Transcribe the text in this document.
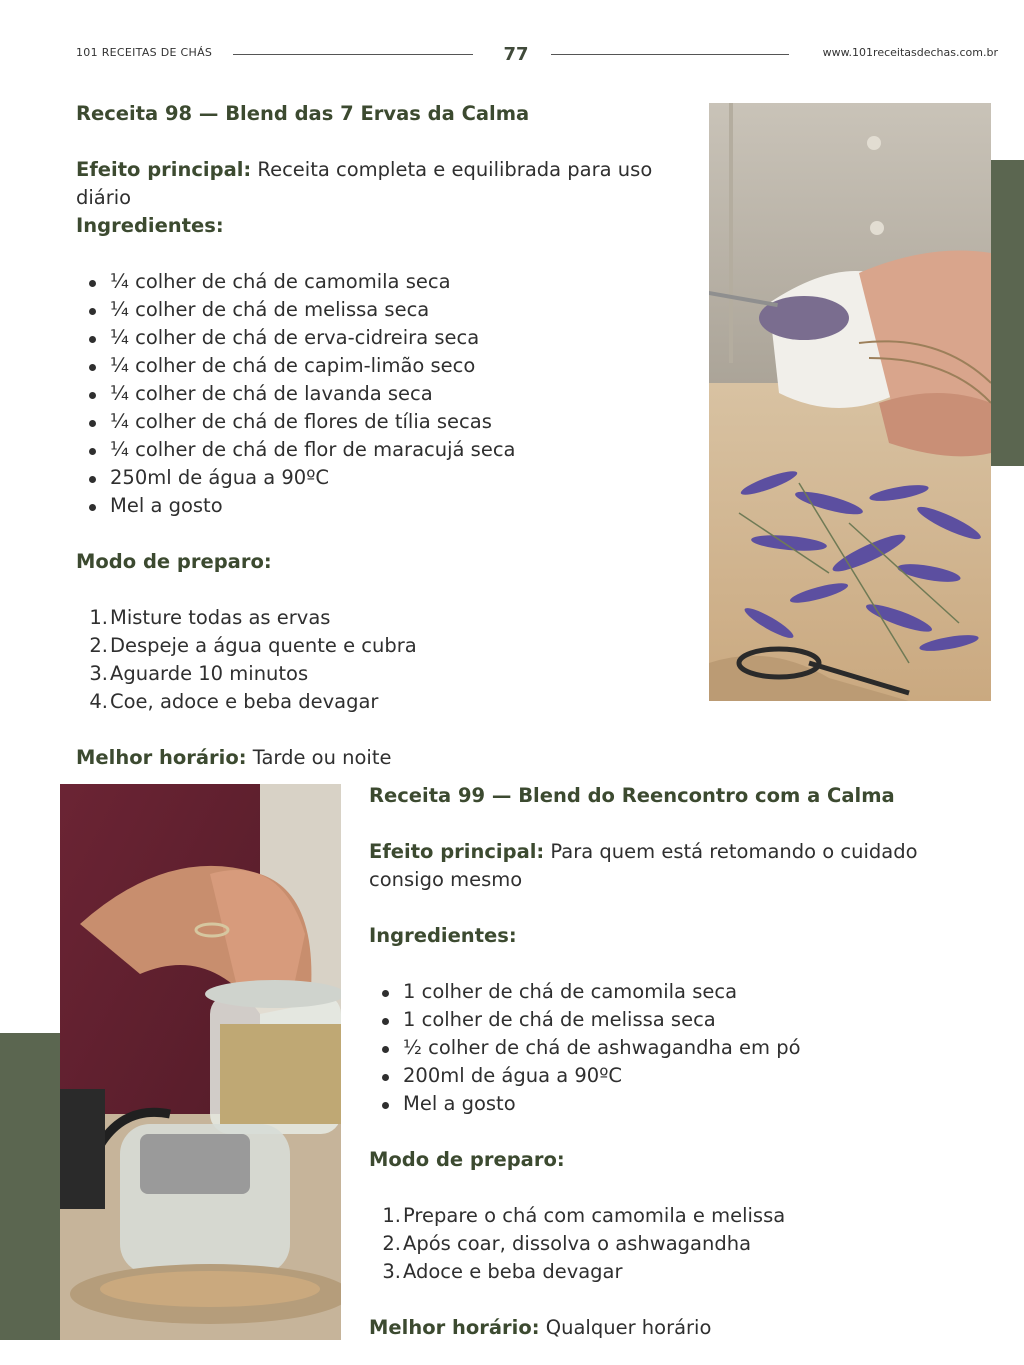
101 RECEITAS DE CHÁS	77	www.101receitasdechas.com.br

Receita 98 — Blend das 7 Ervas da Calma

Efeito principal: Receita completa e equilibrada para uso diário

Ingredientes:

¼ colher de chá de camomila seca
¼ colher de chá de melissa seca
¼ colher de chá de erva-cidreira seca
¼ colher de chá de capim-limão seco
¼ colher de chá de lavanda seca
¼ colher de chá de flores de tília secas
¼ colher de chá de flor de maracujá seca
250ml de água a 90ºC
Mel a gosto

Modo de preparo:

1. Misture todas as ervas
2. Despeje a água quente e cubra
3. Aguarde 10 minutos
4. Coe, adoce e beba devagar

Melhor horário: Tarde ou noite

Receita 99 — Blend do Reencontro com a Calma

Efeito principal: Para quem está retomando o cuidado consigo mesmo

Ingredientes:

1 colher de chá de camomila seca
1 colher de chá de melissa seca
½ colher de chá de ashwagandha em pó
200ml de água a 90ºC
Mel a gosto

Modo de preparo:

1. Prepare o chá com camomila e melissa
2. Após coar, dissolva o ashwagandha
3. Adoce e beba devagar

Melhor horário: Qualquer horário
